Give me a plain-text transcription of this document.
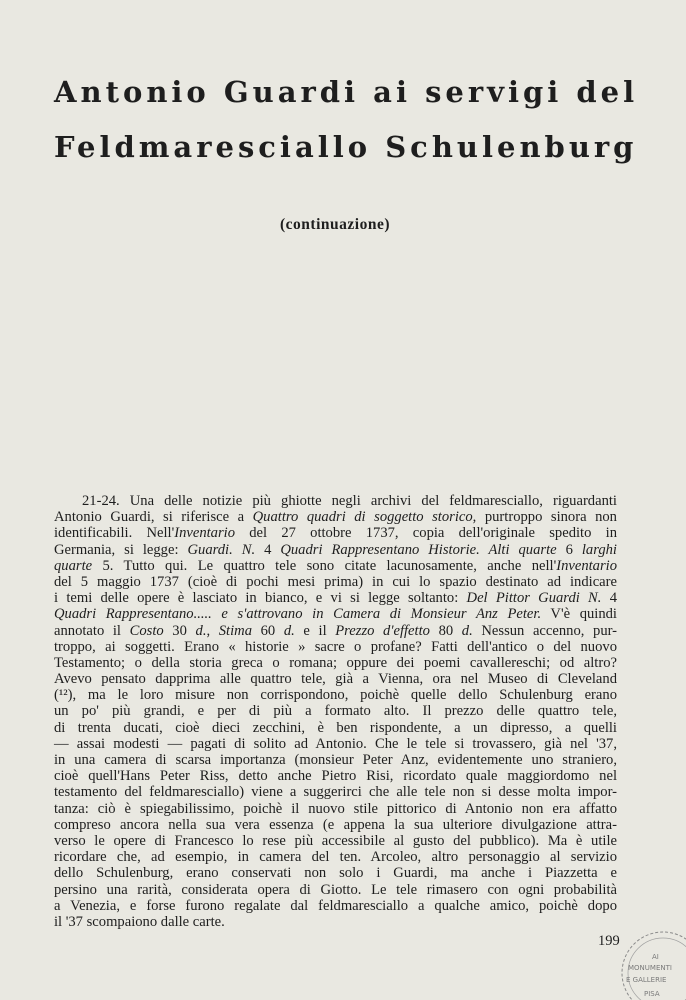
Antonio Guardi ai servigi del
Feldmaresciallo Schulenburg
(continuazione)
21-24. Una delle notizie più ghiotte negli archivi del feldmaresciallo, riguardanti
Antonio Guardi, si riferisce a Quattro quadri di soggetto storico, purtroppo sinora non
identificabili. Nell'Inventario del 27 ottobre 1737, copia dell'originale spedito in
Germania, si legge: Guardi. N. 4 Quadri Rappresentano Historie. Alti quarte 6 larghi
quarte 5. Tutto qui. Le quattro tele sono citate lacunosamente, anche nell'Inventario
del 5 maggio 1737 (cioè di pochi mesi prima) in cui lo spazio destinato ad indicare
i temi delle opere è lasciato in bianco, e vi si legge soltanto: Del Pittor Guardi N. 4
Quadri Rappresentano..... e s'attrovano in Camera di Monsieur Anz Peter. V'è quindi
annotato il Costo 30 d., Stima 60 d. e il Prezzo d'effetto 80 d. Nessun accenno, pur-
troppo, ai soggetti. Erano « historie » sacre o profane? Fatti dell'antico o del nuovo
Testamento; o della storia greca o romana; oppure dei poemi cavallereschi; od altro?
Avevo pensato dapprima alle quattro tele, già a Vienna, ora nel Museo di Cleveland
(¹²), ma le loro misure non corrispondono, poichè quelle dello Schulenburg erano
un po' più grandi, e per di più a formato alto. Il prezzo delle quattro tele,
di trenta ducati, cioè dieci zecchini, è ben rispondente, a un dipresso, a quelli
— assai modesti — pagati di solito ad Antonio. Che le tele si trovassero, già nel '37,
in una camera di scarsa importanza (monsieur Peter Anz, evidentemente uno straniero,
cioè quell'Hans Peter Riss, detto anche Pietro Risi, ricordato quale maggiordomo nel
testamento del feldmaresciallo) viene a suggerirci che alle tele non si desse molta impor-
tanza: ciò è spiegabilissimo, poichè il nuovo stile pittorico di Antonio non era affatto
compreso ancora nella sua vera essenza (e appena la sua ulteriore divulgazione attra-
verso le opere di Francesco lo rese più accessibile al gusto del pubblico). Ma è utile
ricordare che, ad esempio, in camera del ten. Arcoleo, altro personaggio al servizio
dello Schulenburg, erano conservati non solo i Guardi, ma anche i Piazzetta e
persino una rarità, considerata opera di Giotto. Le tele rimasero con ogni probabilità
a Venezia, e forse furono regalate dal feldmaresciallo a qualche amico, poichè dopo
il '37 scompaiono dalle carte.
199
AI
MONUMENTI
E GALLERIE
PISA
